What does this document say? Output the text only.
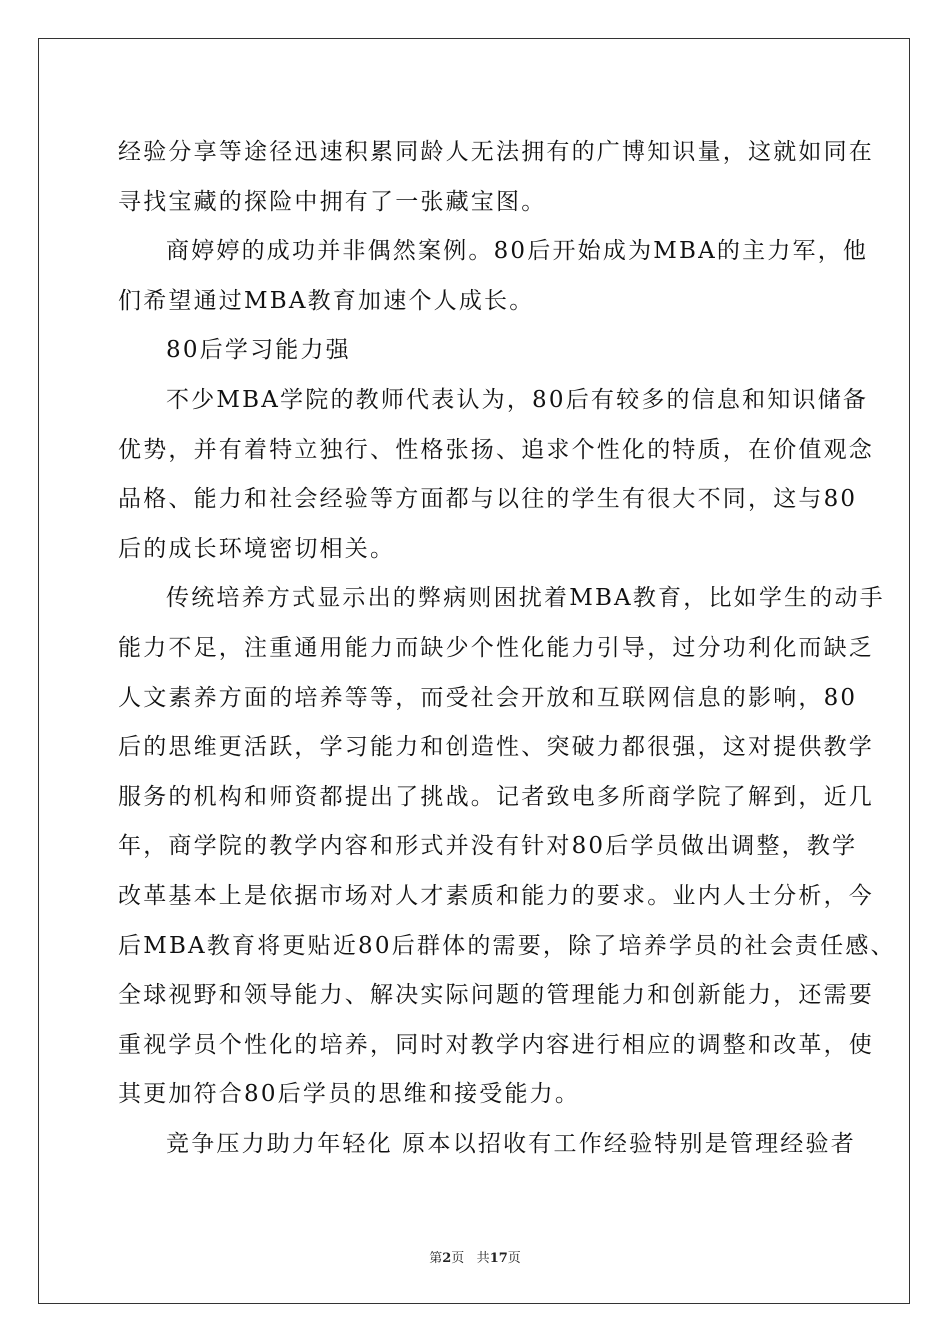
经验分享等途径迅速积累同龄人无法拥有的广博知识量，这就如同在
寻找宝藏的探险中拥有了一张藏宝图。
商婷婷的成功并非偶然案例。80后开始成为MBA的主力军，他
们希望通过MBA教育加速个人成长。
80后学习能力强
不少MBA学院的教师代表认为，80后有较多的信息和知识储备
优势，并有着特立独行、性格张扬、追求个性化的特质，在价值观念
品格、能力和社会经验等方面都与以往的学生有很大不同，这与80
后的成长环境密切相关。
传统培养方式显示出的弊病则困扰着MBA教育，比如学生的动手
能力不足，注重通用能力而缺少个性化能力引导，过分功利化而缺乏
人文素养方面的培养等等，而受社会开放和互联网信息的影响，80
后的思维更活跃，学习能力和创造性、突破力都很强，这对提供教学
服务的机构和师资都提出了挑战。记者致电多所商学院了解到，近几
年，商学院的教学内容和形式并没有针对80后学员做出调整，教学
改革基本上是依据市场对人才素质和能力的要求。业内人士分析，今
后MBA教育将更贴近80后群体的需要，除了培养学员的社会责任感、
全球视野和领导能力、解决实际问题的管理能力和创新能力，还需要
重视学员个性化的培养，同时对教学内容进行相应的调整和改革，使
其更加符合80后学员的思维和接受能力。
竞争压力助力年轻化 原本以招收有工作经验特别是管理经验者
第2页 共17页
